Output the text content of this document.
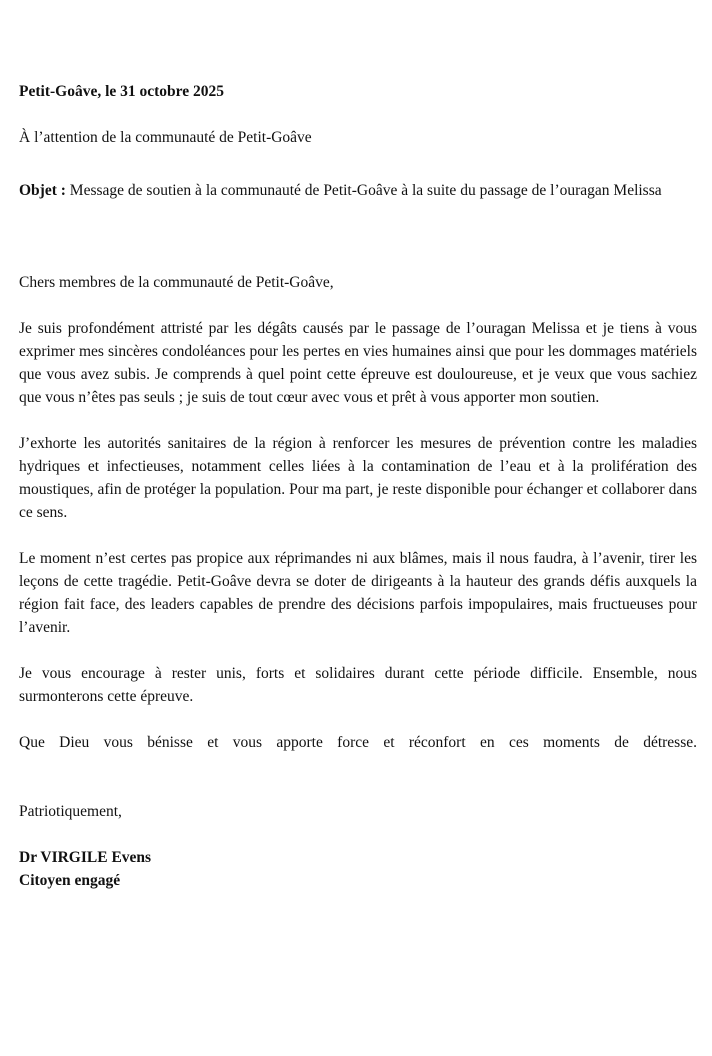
Petit-Goâve, le 31 octobre 2025

À l’attention de la communauté de Petit-Goâve

Objet : Message de soutien à la communauté de Petit-Goâve à la suite du passage de l’ouragan Melissa

Chers membres de la communauté de Petit-Goâve,

Je suis profondément attristé par les dégâts causés par le passage de l’ouragan Melissa et je tiens à vous exprimer mes sincères condoléances pour les pertes en vies humaines ainsi que pour les dommages matériels que vous avez subis. Je comprends à quel point cette épreuve est douloureuse, et je veux que vous sachiez que vous n’êtes pas seuls ; je suis de tout cœur avec vous et prêt à vous apporter mon soutien.

J’exhorte les autorités sanitaires de la région à renforcer les mesures de prévention contre les maladies hydriques et infectieuses, notamment celles liées à la contamination de l’eau et à la prolifération des moustiques, afin de protéger la population. Pour ma part, je reste disponible pour échanger et collaborer dans ce sens.

Le moment n’est certes pas propice aux réprimandes ni aux blâmes, mais il nous faudra, à l’avenir, tirer les leçons de cette tragédie. Petit-Goâve devra se doter de dirigeants à la hauteur des grands défis auxquels la région fait face, des leaders capables de prendre des décisions parfois impopulaires, mais fructueuses pour l’avenir.

Je vous encourage à rester unis, forts et solidaires durant cette période difficile. Ensemble, nous surmonterons cette épreuve.

Que Dieu vous bénisse et vous apporte force et réconfort en ces moments de détresse.

Patriotiquement,

Dr VIRGILE Evens

Citoyen engagé
